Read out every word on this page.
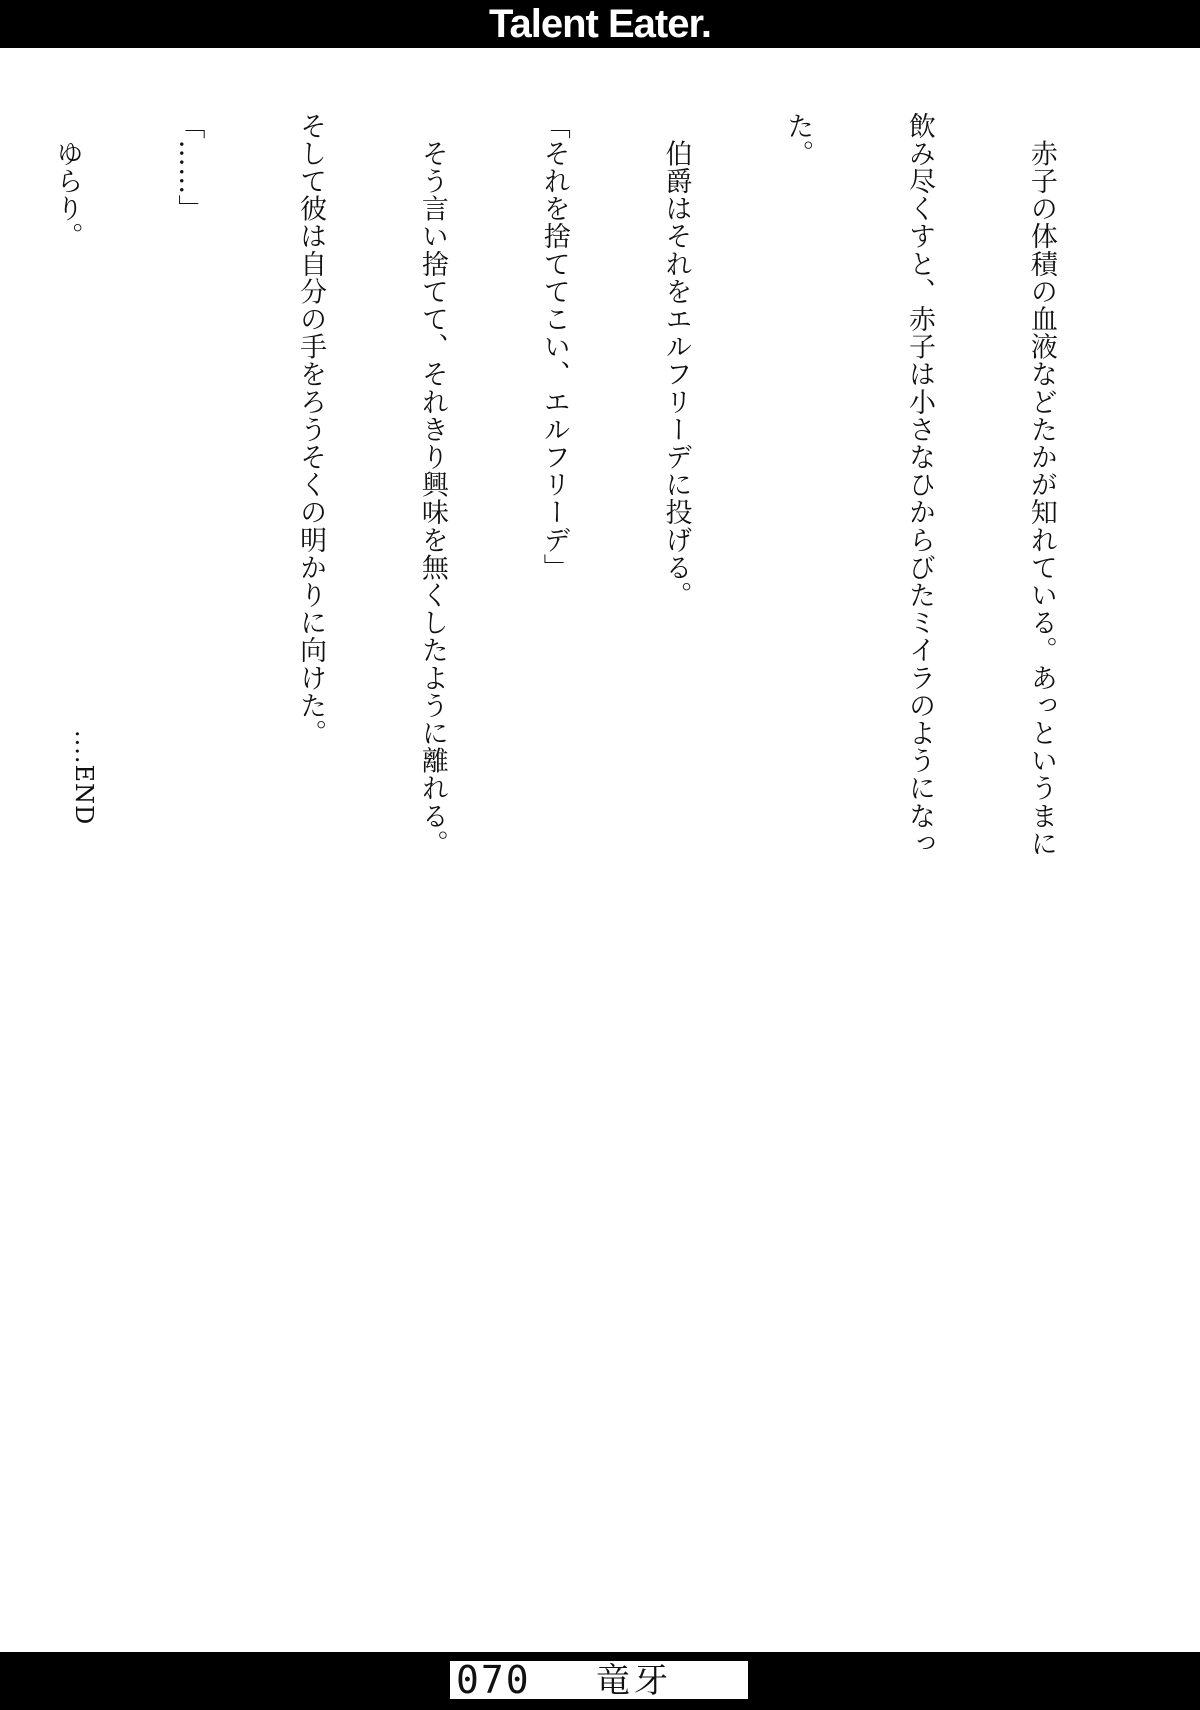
Talent Eater.

　赤子の体積の血液などたかが知れている。あっというまに

飲み尽くすと、赤子は小さなひからびたミイラのようになっ

た。

　伯爵はそれをエルフリーデに投げる。

「それを捨ててこい、エルフリーデ」

　そう言い捨てて、それきり興味を無くしたように離れる。

そして彼は自分の手をろうそくの明かりに向けた。

「……」

　ゆらり。

....END
070 竜牙
